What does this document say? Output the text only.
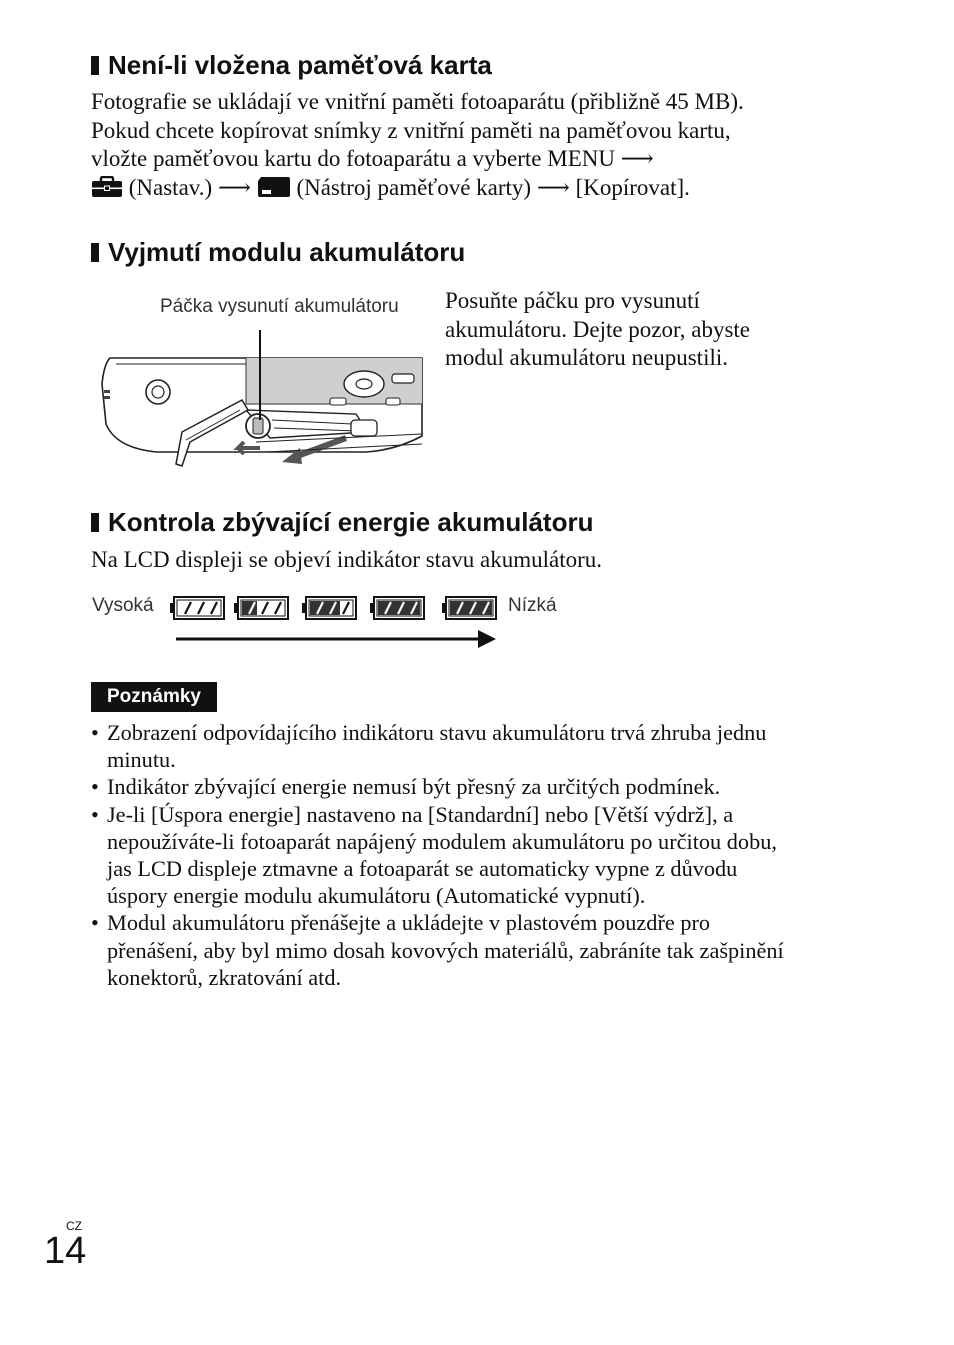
Není-li vložena paměťová karta
Fotografie se ukládají ve vnitřní paměti fotoaparátu (přibližně 45 MB).
Pokud chcete kopírovat snímky z vnitřní paměti na paměťovou kartu,
vložte paměťovou kartu do fotoaparátu a vyberte MENU ⟶
(Nastav.) ⟶ (Nástroj paměťové karty) ⟶ [Kopírovat].
Vyjmutí modulu akumulátoru
Páčka vysunutí akumulátoru Posuňte páčku pro vysunutí
akumulátoru. Dejte pozor, abyste
modul akumulátoru neupustili.
Kontrola zbývající energie akumulátoru
Na LCD displeji se objeví indikátor stavu akumulátoru.
Vysoká	Nízká
Poznámky
• Zobrazení odpovídajícího indikátoru stavu akumulátoru trvá zhruba jednu
minutu.
• Indikátor zbývající energie nemusí být přesný za určitých podmínek.
• Je-li [Úspora energie] nastaveno na [Standardní] nebo [Větší výdrž], a
nepoužíváte-li fotoaparát napájený modulem akumulátoru po určitou dobu,
jas LCD displeje ztmavne a fotoaparát se automaticky vypne z důvodu
úspory energie modulu akumulátoru (Automatické vypnutí).
• Modul akumulátoru přenášejte a ukládejte v plastovém pouzdře pro
přenášení, aby byl mimo dosah kovových materiálů, zabráníte tak zašpinění
konektorů, zkratování atd.
CZ
14
